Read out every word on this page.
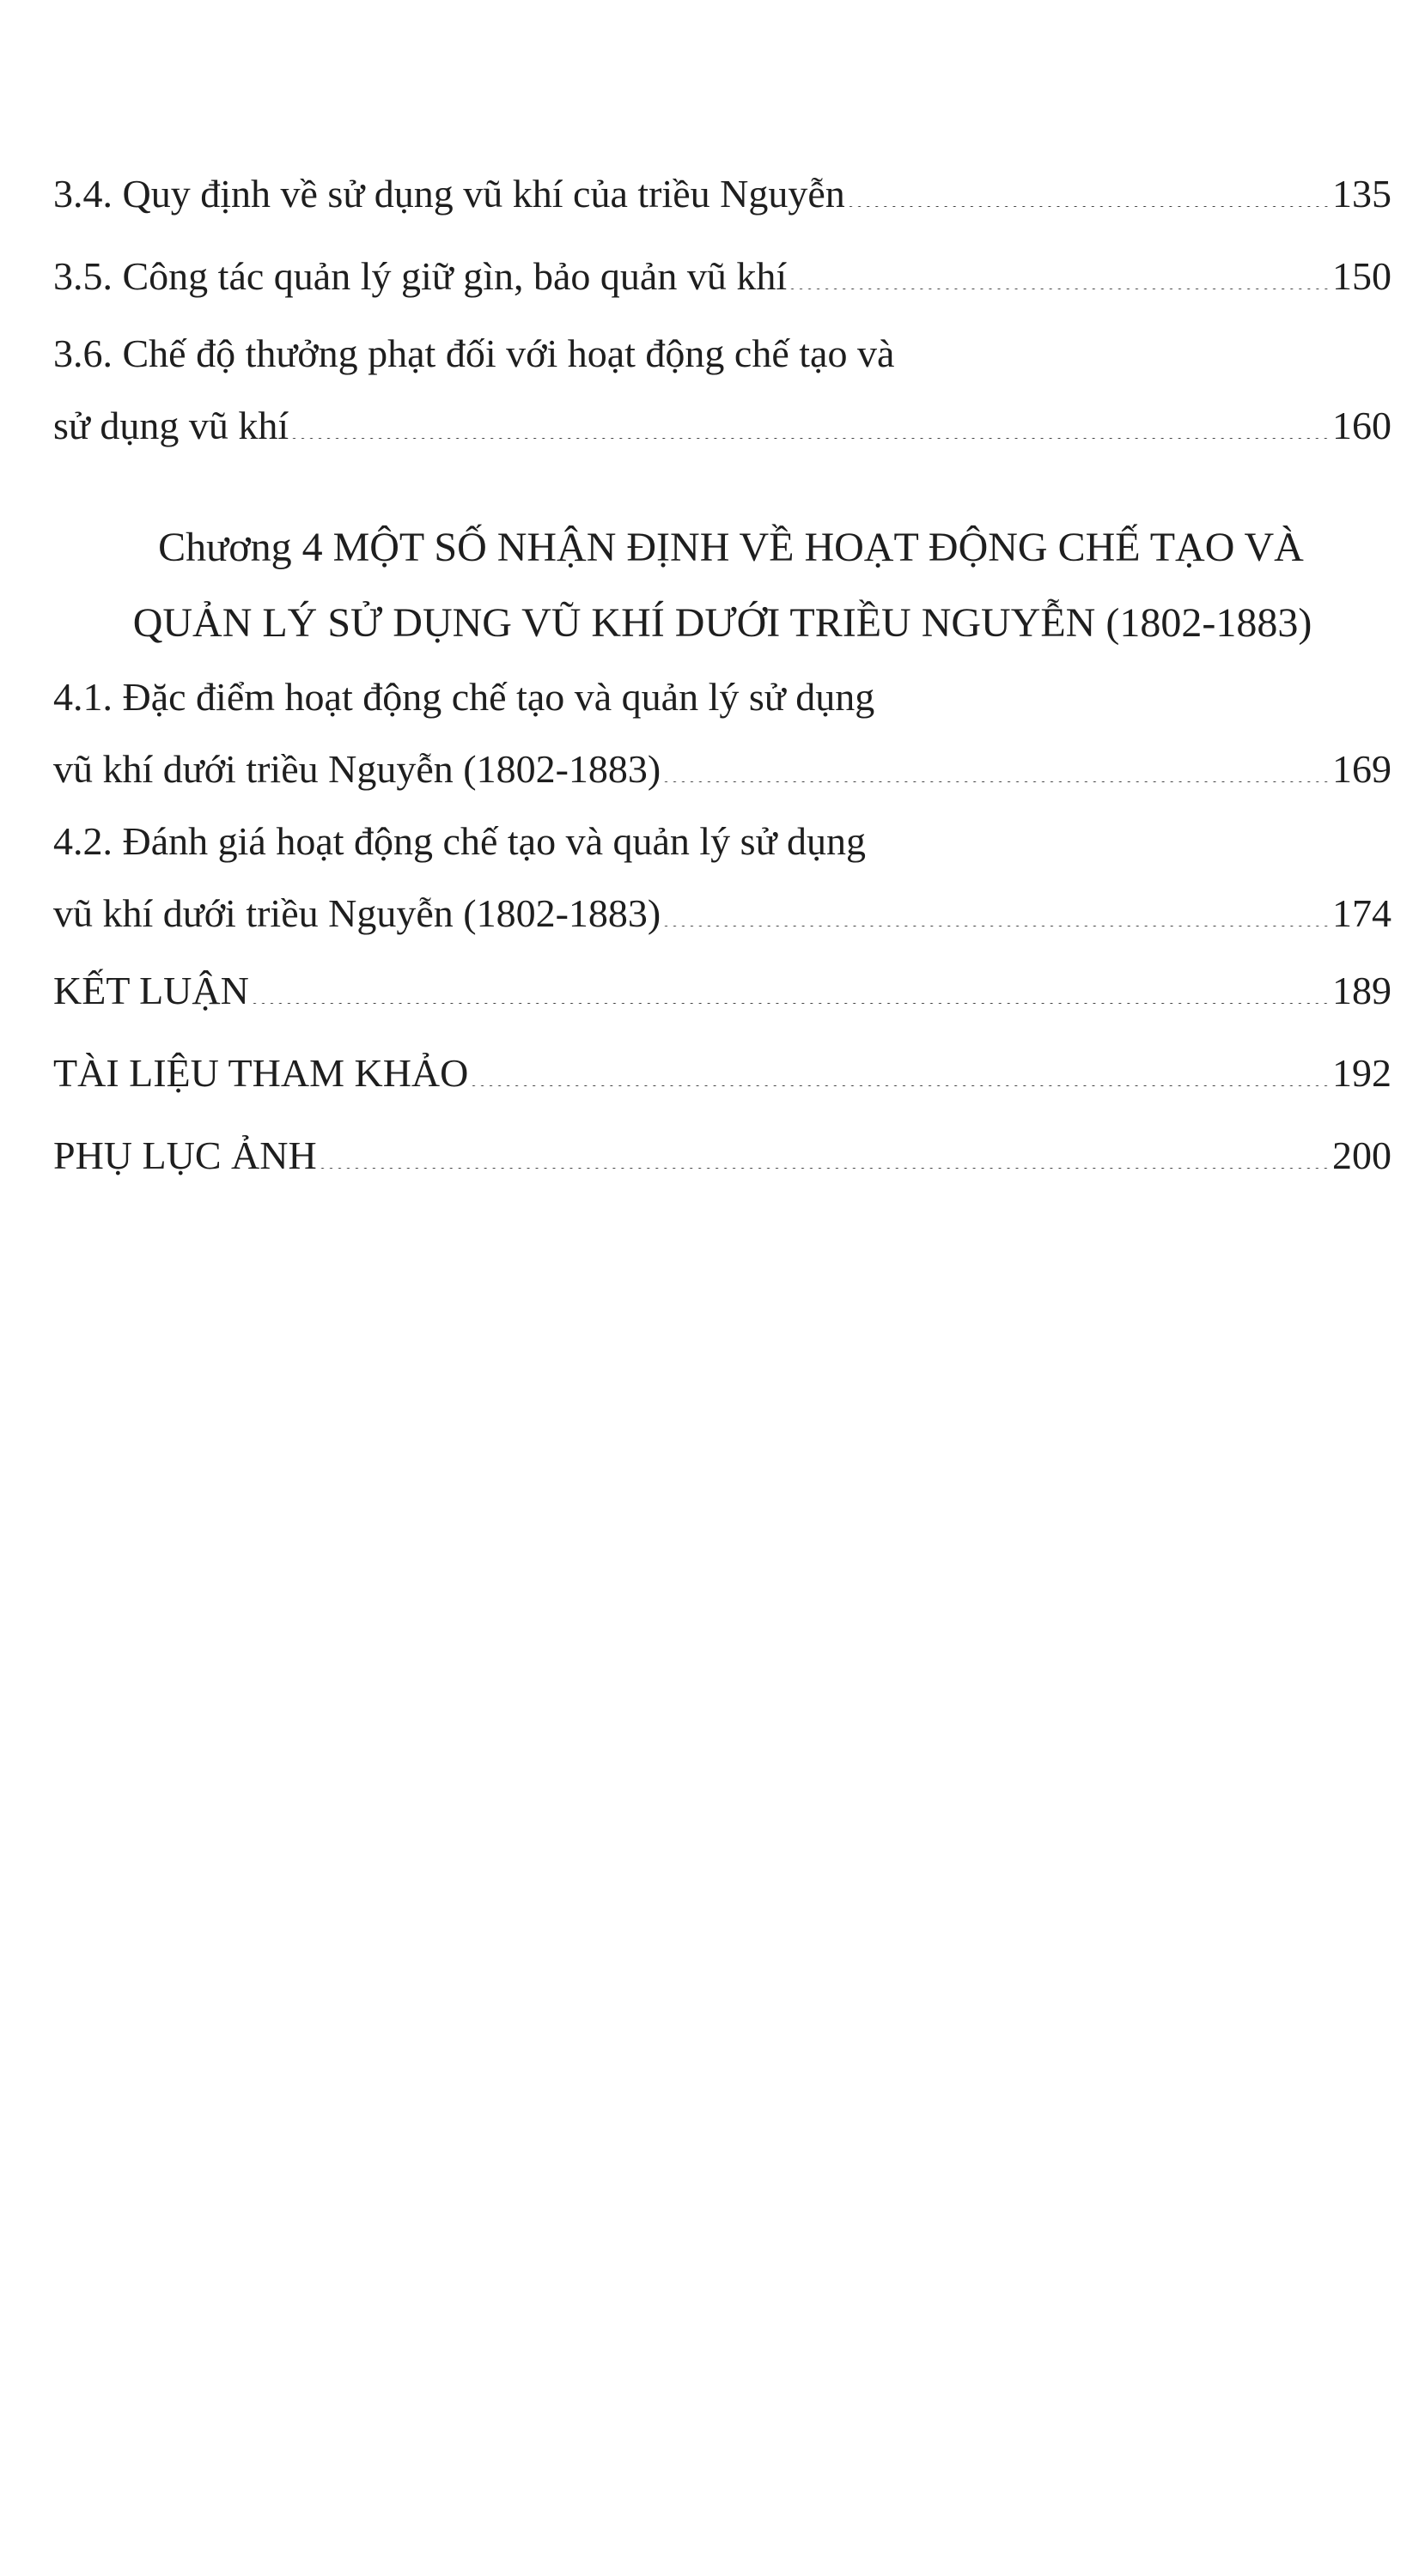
3.4. Quy định về sử dụng vũ khí của triều Nguyễn	135
3.5. Công tác quản lý giữ gìn, bảo quản vũ khí	150
3.6. Chế độ thưởng phạt đối với hoạt động chế tạo và
sử dụng vũ khí	160
Chương 4 MỘT SỐ NHẬN ĐỊNH VỀ HOẠT ĐỘNG CHẾ TẠO VÀ
QUẢN LÝ SỬ DỤNG VŨ KHÍ DƯỚI TRIỀU NGUYỄN (1802-1883)
4.1. Đặc điểm hoạt động chế tạo và quản lý sử dụng
vũ khí dưới triều Nguyễn (1802-1883)	169
4.2. Đánh giá hoạt động chế tạo và quản lý sử dụng
vũ khí dưới triều Nguyễn (1802-1883)	174
KẾT LUẬN	189
TÀI LIỆU THAM KHẢO	192
PHỤ LỤC ẢNH	200
